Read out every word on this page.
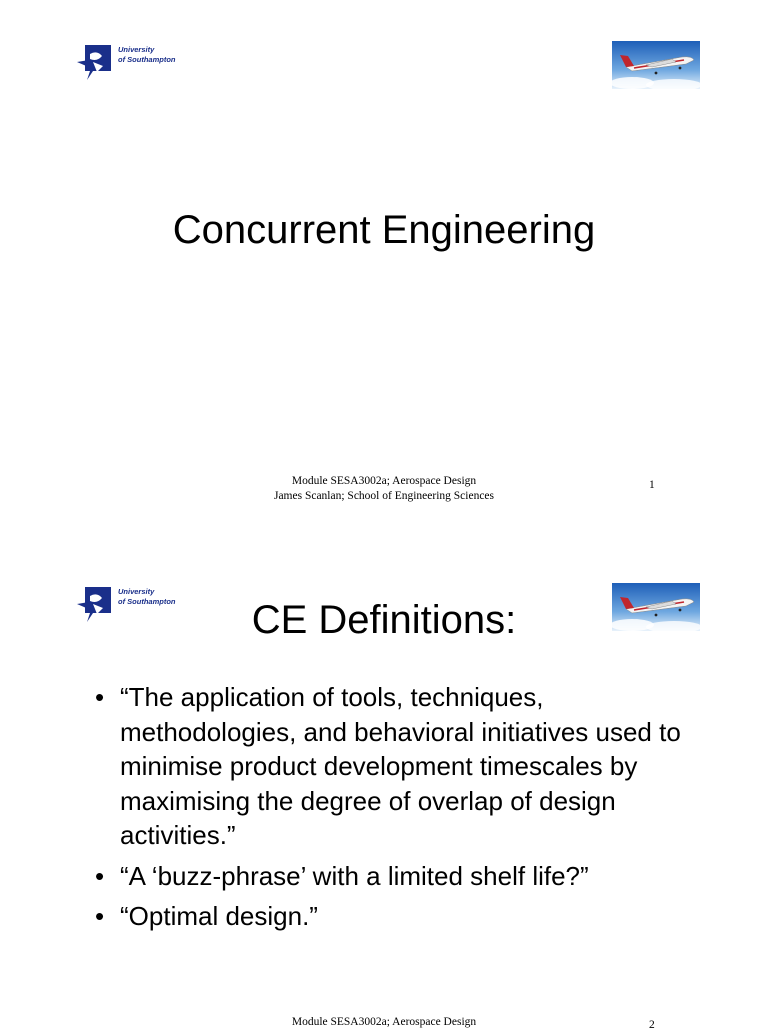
University
of Southampton
Concurrent Engineering
Module SESA3002a; Aerospace Design
James Scanlan; School of Engineering Sciences
1
University
of Southampton	CE Definitions:
• “The application of tools, techniques, methodologies, and behavioral initiatives used to minimise product development timescales by maximising the degree of overlap of design activities.”
• “A ‘buzz-phrase’ with a limited shelf life?”
• “Optimal design.”
Module SESA3002a; Aerospace Design	2
